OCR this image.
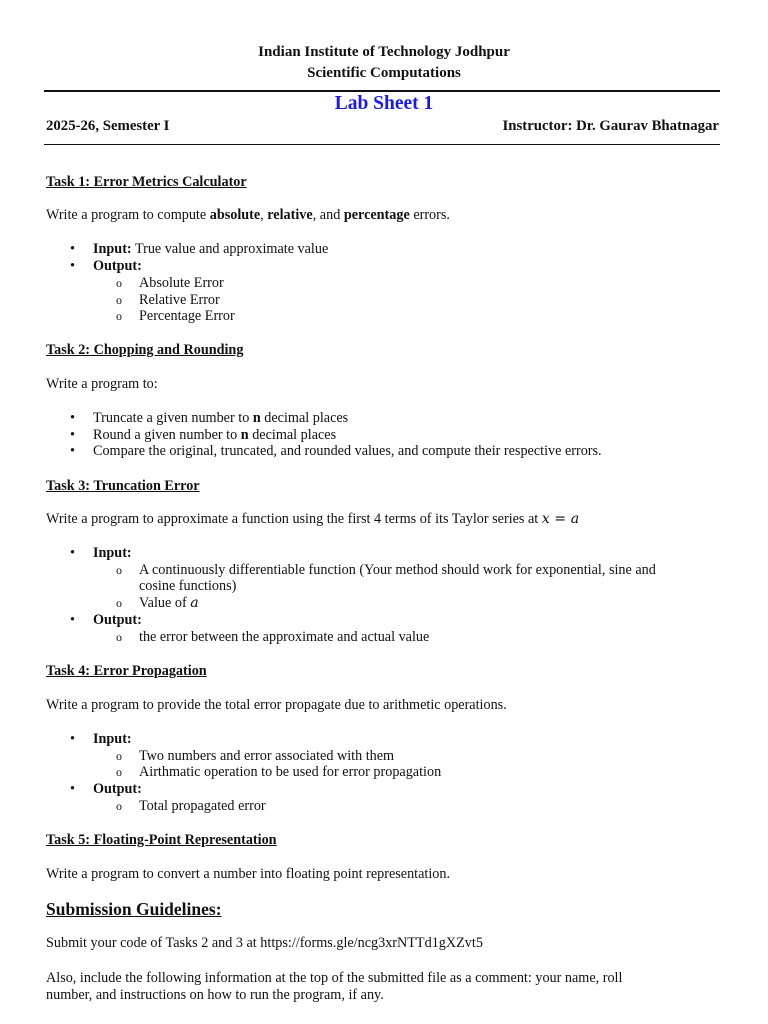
Indian Institute of Technology Jodhpur
Scientific Computations
Lab Sheet 1
2025-26, Semester I	Instructor: Dr. Gaurav Bhatnagar
Task 1: Error Metrics Calculator
Write a program to compute absolute, relative, and percentage errors.
• Input: True value and approximate value
• Output:
o Absolute Error
o Relative Error
o Percentage Error
Task 2: Chopping and Rounding
Write a program to:
• Truncate a given number to n decimal places
• Round a given number to n decimal places
• Compare the original, truncated, and rounded values, and compute their respective errors.
Task 3: Truncation Error
Write a program to approximate a function using the first 4 terms of its Taylor series at x = a
• Input:
o A continuously differentiable function (Your method should work for exponential, sine and
cosine functions)
o Value of a
• Output:
o the error between the approximate and actual value
Task 4: Error Propagation
Write a program to provide the total error propagate due to arithmetic operations.
• Input:
o Two numbers and error associated with them
o Airthmatic operation to be used for error propagation
• Output:
o Total propagated error
Task 5: Floating-Point Representation
Write a program to convert a number into floating point representation.
Submission Guidelines:
Submit your code of Tasks 2 and 3 at https://forms.gle/ncg3xrNTTd1gXZvt5
Also, include the following information at the top of the submitted file as a comment: your name, roll
number, and instructions on how to run the program, if any.
